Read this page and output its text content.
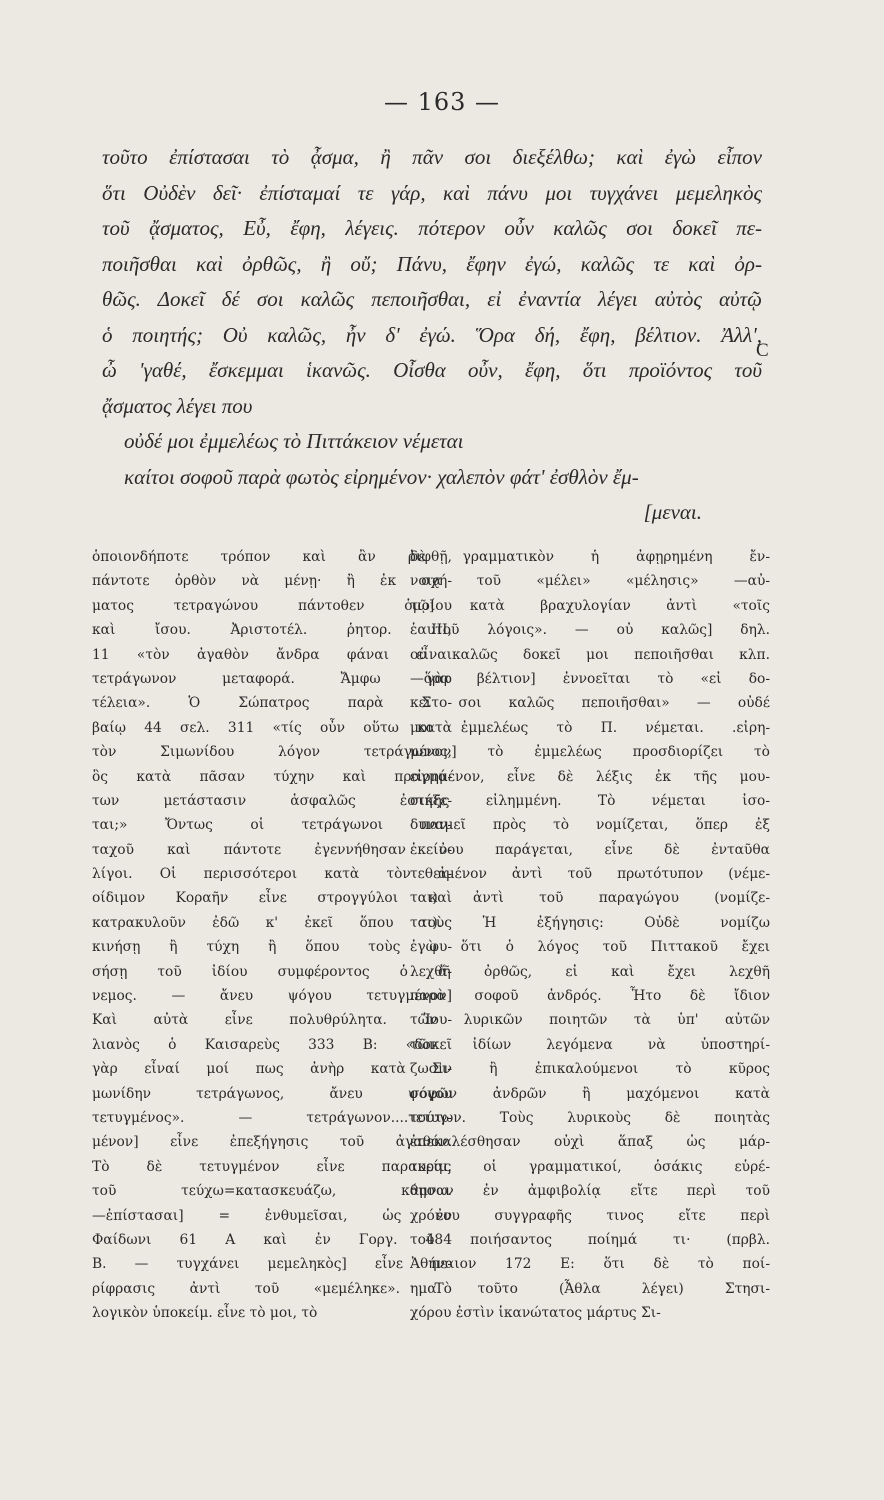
— 163 —
τοῦτο ἐπίστασαι τὸ ᾆσμα, ἢ πᾶν σοι διεξέλθω; καὶ ἐγὼ εἶπον
ὅτι Οὐδὲν δεῖ· ἐπίσταμαί τε γάρ, καὶ πάνυ μοι τυγχάνει μεμεληκὸς
τοῦ ᾄσματος, Εὖ, ἔφη, λέγεις. πότερον οὖν καλῶς σοι δοκεῖ πε-
ποιῆσθαι καὶ ὀρθῶς, ἢ οὔ; Πάνυ, ἔφην ἐγώ, καλῶς τε καὶ ὀρ-
θῶς. Δοκεῖ δέ σοι καλῶς πεποιῆσθαι, εἰ ἐναντία λέγει αὐτὸς αὐτῷ
ὁ ποιητής; Οὐ καλῶς, ἦν δ' ἐγώ. Ὅρα δή, ἔφη, βέλτιον. Ἀλλ',
ὦ 'γαθέ, ἔσκεμμαι ἱκανῶς. Οἶσθα οὖν, ἔφη, ὅτι προϊόντος τοῦ
ᾄσματος λέγει που
οὐδέ μοι ἐμμελέως τὸ Πιττάκειον νέμεται
καίτοι σοφοῦ παρὰ φωτὸς εἰρημένον· χαλεπὸν φάτ' ἐσθλὸν ἔμ-
[μεναι.
C
ὁποιονδήποτε τρόπον καὶ ἂν ῥιφθῇ,
πάντοτε ὀρθὸν νὰ μένῃ· ἢ ἐκ σχή-
ματος τετραγώνου πάντοθεν ὁμοίου
καὶ ἴσου. Ἀριστοτέλ. ῥητορ. III,
11 «τὸν ἀγαθὸν ἄνδρα φάναι εἶναι
τετράγωνον μεταφορά. Ἄμφω γὰρ
τέλεια». Ὁ Σώπατρος παρὰ Στο-
βαίῳ 44 σελ. 311 «τίς οὖν οὕτω κατὰ
τὸν Σιμωνίδου λόγον τετράγωνος,
ὃς κατὰ πᾶσαν τύχην καὶ πραγμά-
των μετάστασιν ἀσφαλῶς ἐστήξε-
ται;» Ὄντως οἱ τετράγωνοι παν-
ταχοῦ καὶ πάντοτε ἐγεννήθησαν ὀ-
λίγοι. Οἱ περισσότεροι κατὰ τὸν ἀ-
οίδιμον Κοραῆν εἶνε στρογγύλοι καὶ
κατρακυλοῦν ἐδῶ κ' ἐκεῖ ὅπου τοὺς
κινήσῃ ἢ τύχη ἢ ὅπου τοὺς φυ-
σήσῃ τοῦ ἰδίου συμφέροντος ὁ ἄ-
νεμος. — ἄνευ ψόγου τετυγμένον]
Καὶ αὐτὰ εἶνε πολυθρύλητα. Ἰου-
λιανὸς ὁ Καισαρεὺς 333 B: «δοκεῖ
γὰρ εἶναί μοί πως ἀνὴρ κατὰ Σι-
μωνίδην τετράγωνος, ἄνευ ψόγου
τετυγμένος». — τετράγωνον....τετυγ-
μένον] εἶνε ἐπεξήγησις τοῦ ἀγαθόν.
Τὸ δὲ τετυγμένον εἶνε παρακείμ.
τοῦ τεύχω=κατασκευάζω, κάμνω.
—ἐπίστασαι] = ἐνθυμεῖσαι, ὡς ἐν
Φαίδωνι 61 A καὶ ἐν Γοργ. 484
B. — τυγχάνει μεμεληκὸς] εἶνε πε-
ρίφρασις ἀντὶ τοῦ «μεμέληκε». Τὸ
λογικὸν ὑποκείμ. εἶνε τὸ μοι, τὸ
δὲ γραμματικὸν ἡ ἀφῃρημένη ἔν-
νοια τοῦ «μέλει» «μέλησις» —αὐ-
τῷ] κατὰ βραχυλογίαν ἀντὶ «τοῖς
ἑαυτοῦ λόγοις». — οὐ καλῶς] δηλ.
οὐ καλῶς δοκεῖ μοι πεποιῆσθαι κλπ.
—ὅρα βέλτιον] ἐννοεῖται τὸ «εἰ δο-
κεῖ σοι καλῶς πεποιῆσθαι» — οὐδέ
μοι ἐμμελέως τὸ Π. νέμεται. .εἰρη-
μένον] τὸ ἐμμελέως προσδιορίζει τὸ
εἰρημένον, εἶνε δὲ λέξις ἐκ τῆς μου-
σικῆς εἰλημμένη. Τὸ νέμεται ἰσο-
δυναμεῖ πρὸς τὸ νομίζεται, ὅπερ ἐξ
ἐκείνου παράγεται, εἶνε δὲ ἐνταῦθα
τεθειμένον ἀντὶ τοῦ πρωτότυπον (νέμε-
ται) ἀντὶ τοῦ παραγώγου (νομίζε-
ται). Ἡ ἐξήγησις: Οὐδὲ νομίζω
ἐγὼ ὅτι ὁ λόγος τοῦ Πιττακοῦ ἔχει
λεχθῆ ὀρθῶς, εἰ καὶ ἔχει λεχθῆ
παρὰ σοφοῦ ἀνδρός. Ἦτο δὲ ἴδιον
τῶν λυρικῶν ποιητῶν τὰ ὑπ' αὐτῶν
τῶν ἰδίων λεγόμενα νὰ ὑποστηρί-
ζωσιν ἢ ἐπικαλούμενοι τὸ κῦρος
σοφῶν ἀνδρῶν ἢ μαχόμενοι κατὰ
τούτων. Τοὺς λυρικοὺς δὲ ποιητὰς
ἐπεκαλέσθησαν οὐχὶ ἅπαξ ὡς μάρ-
τυρας οἱ γραμματικοί, ὁσάκις εὑρέ-
θησαν ἐν ἀμφιβολίᾳ εἴτε περὶ τοῦ
χρόνου συγγραφῆς τινος εἴτε περὶ
τοῦ ποιήσαντος ποίημά τι· (πρβλ.
Ἀθήναιον 172 E: ὅτι δὲ τὸ ποί-
ημα τοῦτο (Ἆθλα λέγει) Στησι-
χόρου ἐστὶν ἱκανώτατος μάρτυς Σι-
